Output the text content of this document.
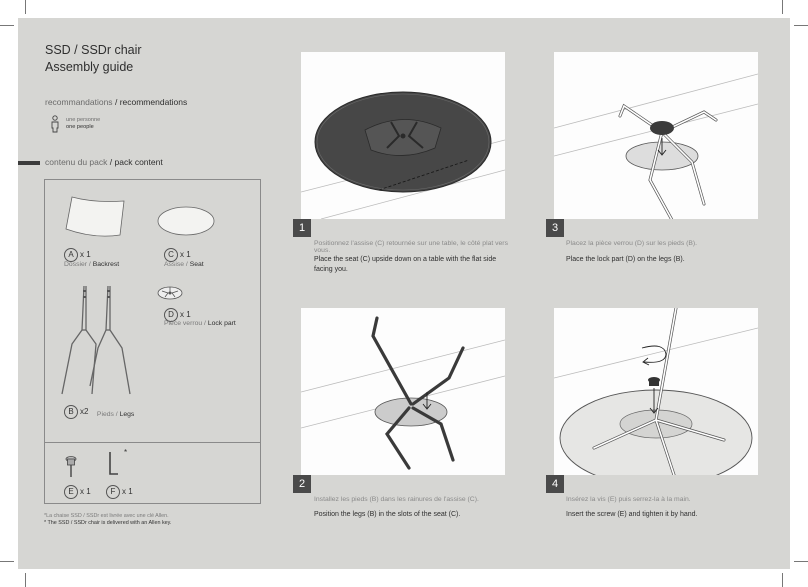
SSD / SSDr chair
Assembly guide
recommandations / recommendations
une personne
one people
contenu du pack / pack content
A x 1
Dossier / Backrest
C x 1
Assise / Seat
D x 1
Pièce verrou / Lock part
B x2 Pieds / Legs
E x 1
*
F x 1
*La chaise SSD / SSDr est livrée avec une clé Allen.
* The SSD / SSDr chair is delivered with an Allen key.
1
Positionnez l'assise (C) retournée sur une table, le côté plat vers vous.
Place the seat (C) upside down on a table with the flat side facing you.
3
Placez la pièce verrou (D) sur les pieds (B).
Place the lock part (D) on the legs (B).
2
Installez les pieds (B) dans les rainures de l'assise (C).
Position the legs (B) in the slots of the seat (C).
4
Insérez la vis (E) puis serrez-la à la main.
Insert the screw (E) and tighten it by hand.
